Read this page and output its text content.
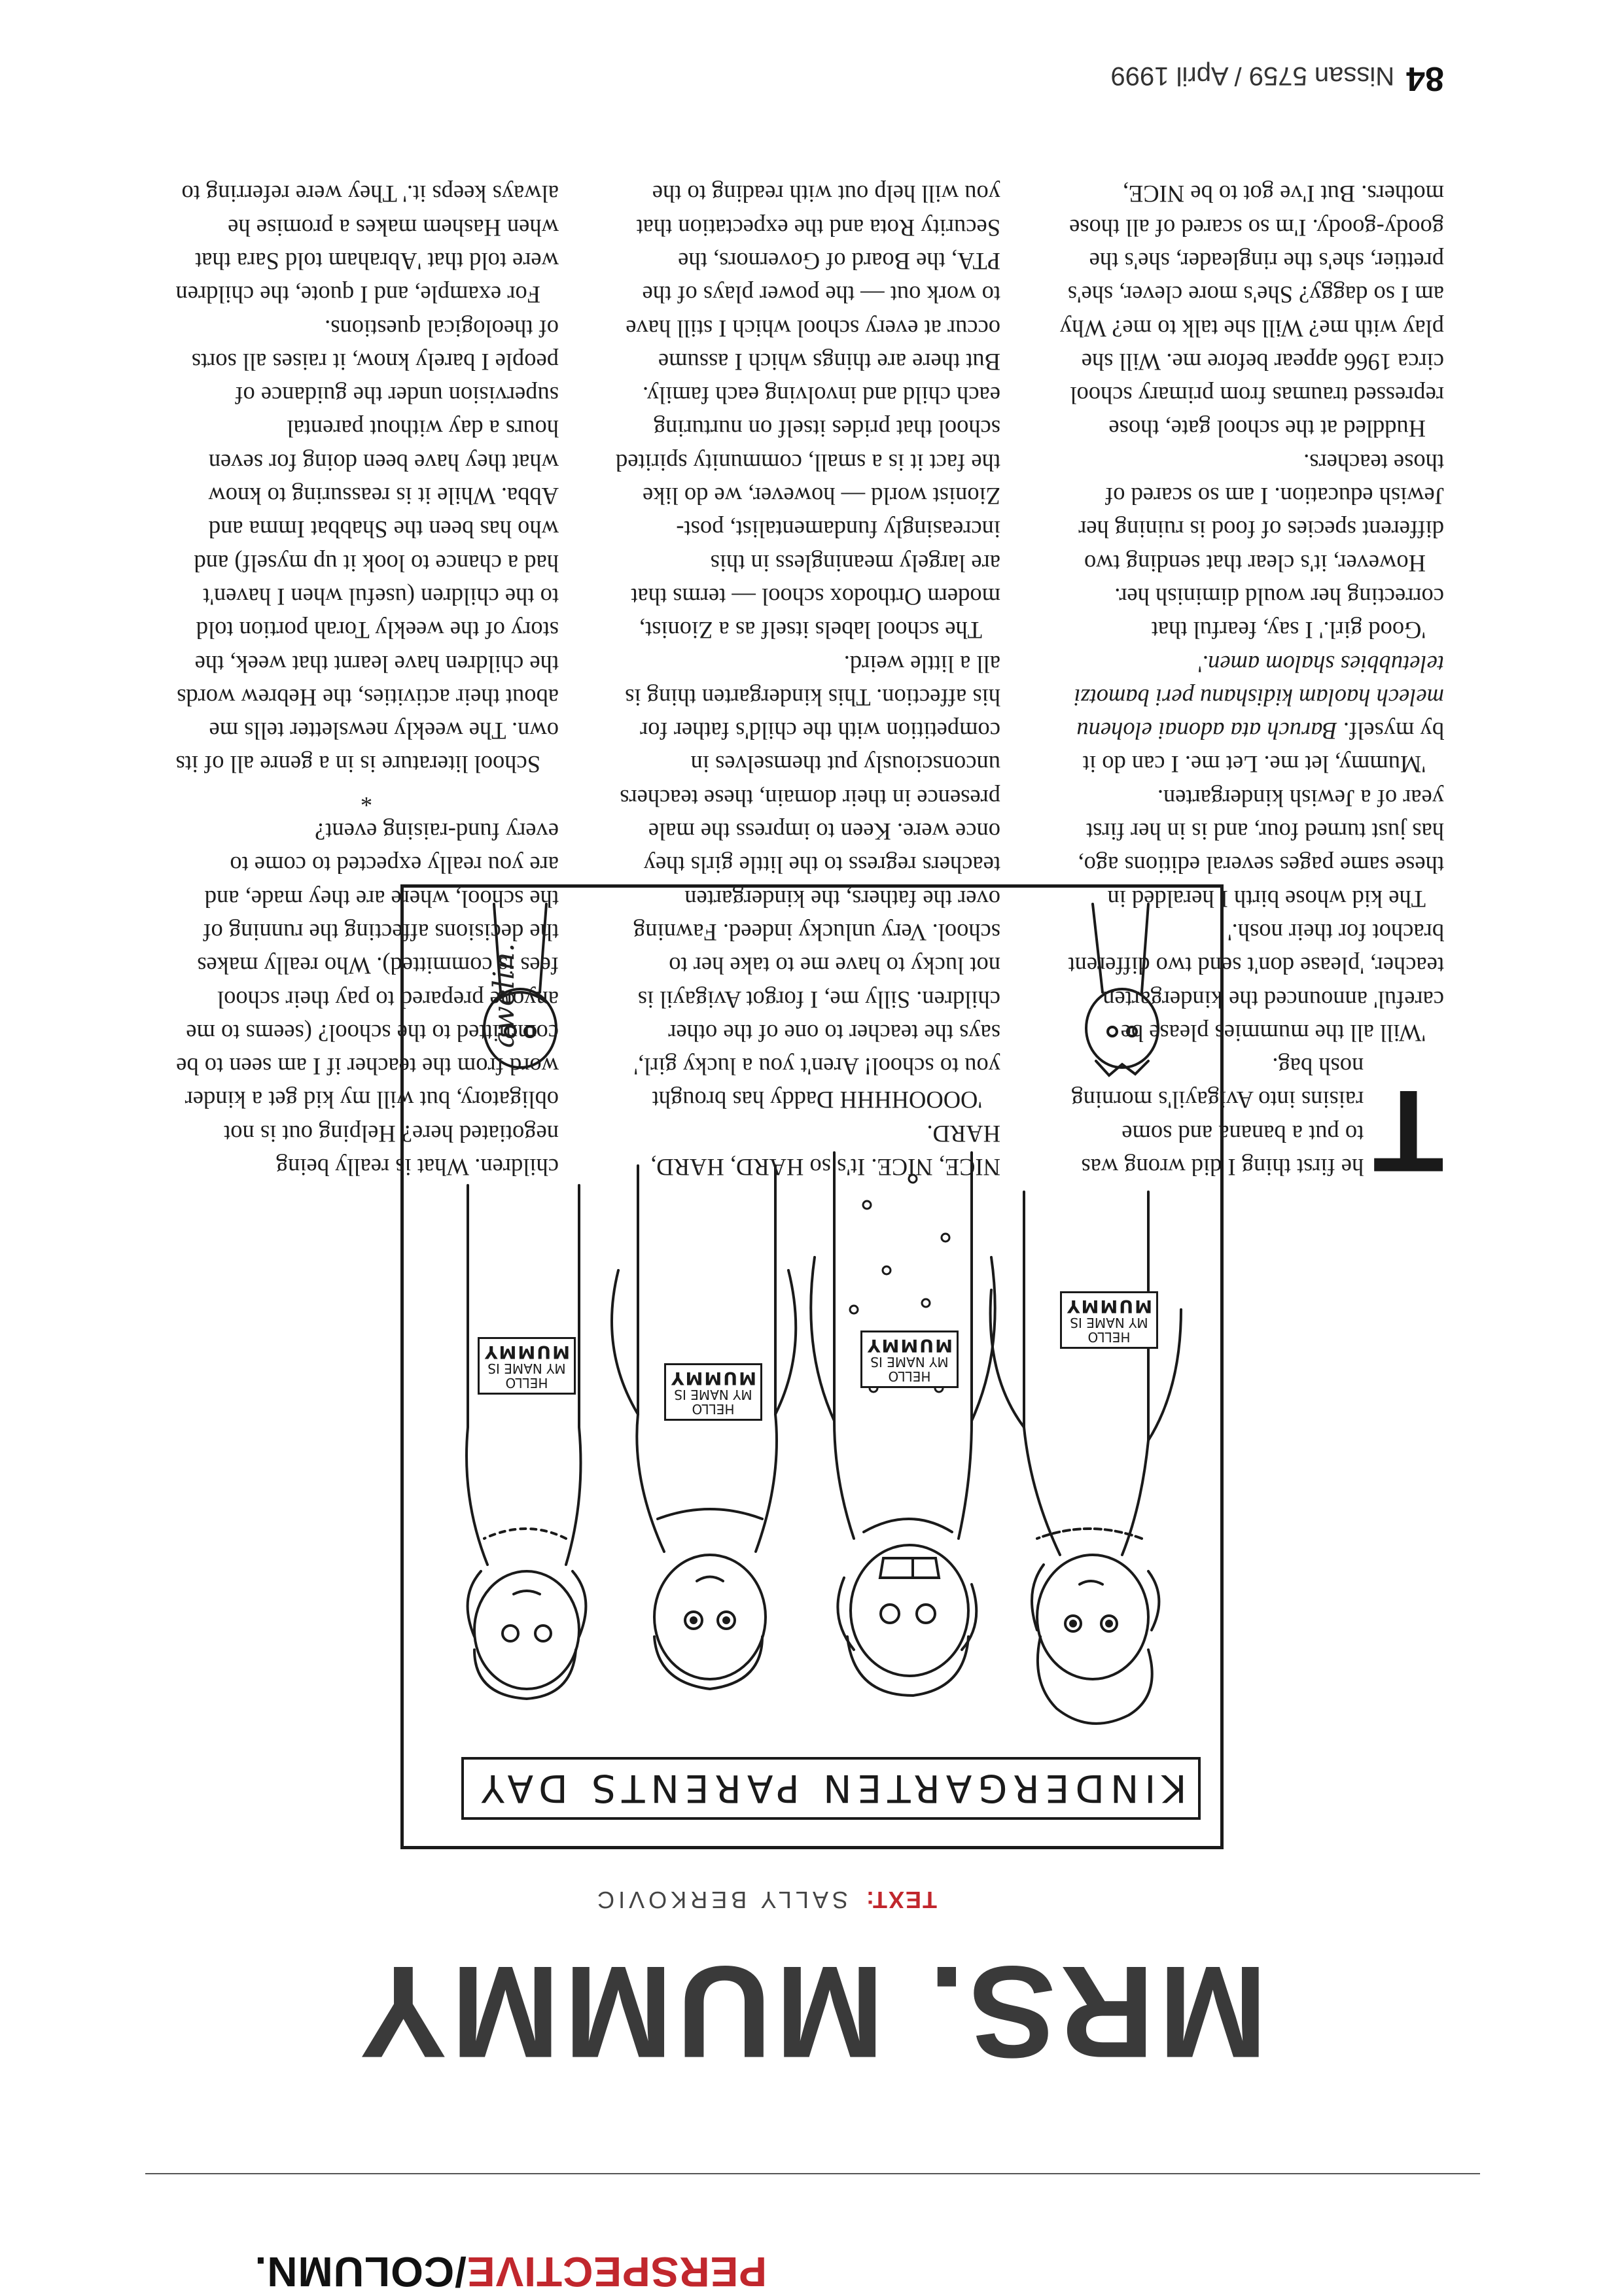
84
Nissan 5759 / April 1999
PERSPECTIVE/COLUMN.
MRS. MUMMY
TEXT: SALLY BERKOVIC
KINDERGARTEN PARENTS DAY
HELLO
MY NAME IS
MUMMY
HELLO
MY NAME IS
MUMMY
HELLO
MY NAME IS
MUMMY
HELLO
MY NAME IS
MUMMY
awelin.

T
he first thing I did wrong was to put a banana and some raisins into Avigayil's morning nosh bag.

'Will all the mummies please be careful' announced the kindergarten teacher, 'please don't send two different brachot for their nosh.'

The kid whose birth I heralded in these same pages several editions ago, has just turned four, and is in her first year of a Jewish kindergarten.

'Mummy, let me. Let me. I can do it by myself. Baruch ata adonai elohenu melech haolam kidishanu peri bamotzi teletubbies shalom amen.'

'Good girl.' I say, fearful that correcting her would diminish her.

However, it's clear that sending two different species of food is ruining her Jewish education. I am so scared of those teachers.

Huddled at the school gate, those repressed traumas from primary school circa 1966 appear before me. Will she play with me? Will she talk to me? Why am I so daggy? She's more clever, she's prettier, she's the ringleader, she's the goody-goody. I'm so scared of all those mothers. But I've got to be NICE,

NICE, NICE. It's so HARD, HARD, HARD.

'OOOOHHHH Daddy has brought you to school! Aren't you a lucky girl,' says the teacher to one of the other children. Silly me, I forgot Avigayil is not lucky to have me to take her to school. Very unlucky indeed. Fawning over the fathers, the kindergarten teachers regress to the little girls they once were. Keen to impress the male presence in their domain, these teachers unconsciously put themselves in competition with the child's father for his affection. This kindergarten thing is all a little weird.

The school labels itself as a Zionist, modern Orthodox school — terms that are largely meaningless in this increasingly fundamentalist, post-Zionist world — however, we do like the fact it is a small, community spirited school that prides itself on nurturing each child and involving each family. But there are things which I assume occur at every school which I still have to work out — the power plays of the PTA, the Board of Governors, the Security Rota and the expectation that you will help out with reading to the

children. What is really being negotiated here? Helping out is not obligatory, but will my kid get a kinder word from the teacher if I am seen to be committed to the school? (seems to me anyone prepared to pay their school fees is committed). Who really makes the decisions affecting the running of the school, where are they made, and are you really expected to come to every fund-raising event?

*

School literature is in a genre all of its own. The weekly newsletter tells me about their activities, the Hebrew words the children have learnt that week, the story of the weekly Torah portion told to the children (useful when I haven't had a chance to look it up myself) and who has been the Shabbat Imma and Abba. While it is reassuring to know what they have been doing for seven hours a day without parental supervision under the guidance of people I barely know, it raises all sorts of theological questions.

For example, and I quote, the children were told that 'Abraham told Sara that when Hashem makes a promise he always keeps it.' They were referring to
